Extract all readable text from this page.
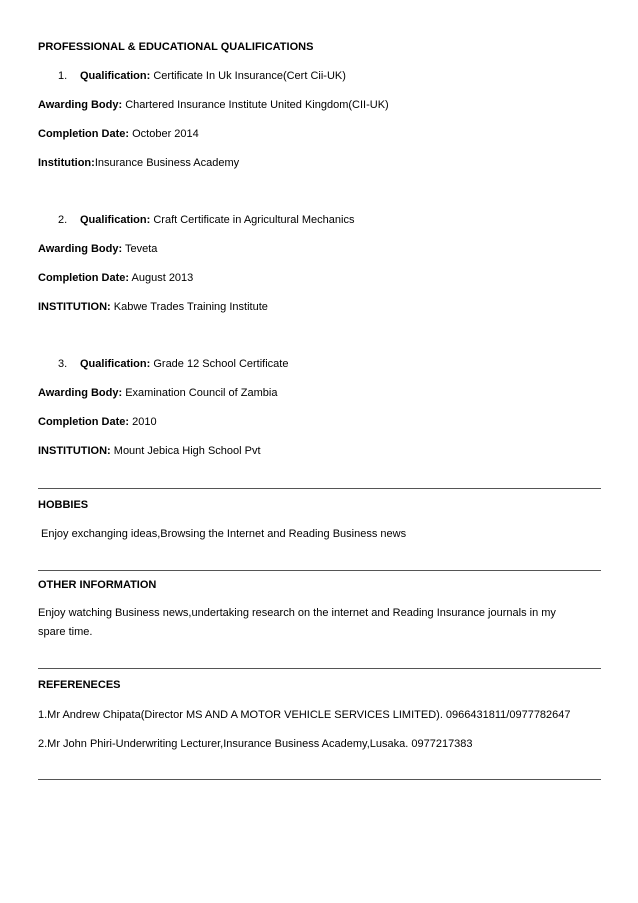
PROFESSIONAL & EDUCATIONAL QUALIFICATIONS
1. Qualification: Certificate In Uk Insurance(Cert Cii-UK)
Awarding Body: Chartered Insurance Institute United Kingdom(CII-UK)
Completion Date: October 2014
Institution:Insurance Business Academy
2. Qualification: Craft Certificate in Agricultural Mechanics
Awarding Body: Teveta
Completion Date: August 2013
INSTITUTION: Kabwe Trades Training Institute
3. Qualification: Grade 12 School Certificate
Awarding Body: Examination Council of Zambia
Completion Date: 2010
INSTITUTION: Mount Jebica High School Pvt
HOBBIES
Enjoy exchanging ideas,Browsing the Internet and Reading Business news
OTHER INFORMATION
Enjoy watching Business news,undertaking research on the internet and Reading Insurance journals in my
spare time.
REFERENECES
1.Mr Andrew Chipata(Director MS AND A MOTOR VEHICLE SERVICES LIMITED). 0966431811/0977782647
2.Mr John Phiri-Underwriting Lecturer,Insurance Business Academy,Lusaka. 0977217383
